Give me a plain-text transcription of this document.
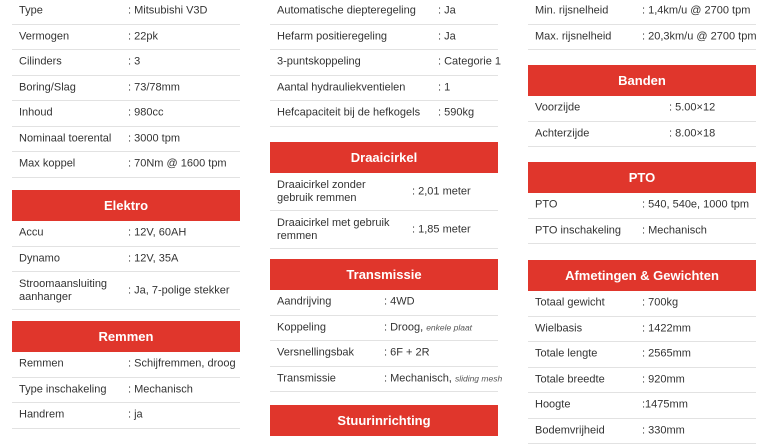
Type	: Mitsubishi V3D
Vermogen	: 22pk
Cilinders	: 3
Boring/Slag	: 73/78mm
Inhoud	: 980cc
Nominaal toerental : 3000 tpm
Max koppel	: 70Nm @ 1600 tpm
Elektro
Accu	: 12V, 60AH
Dynamo	: 12V, 35A
Stroomaansluiting aanhanger
: Ja, 7-polige stekker
Remmen
Remmen	: Schijfremmen, droog
Type inschakeling : Mechanisch
Handrem	: ja
Automatische diepteregeling : Ja
Hefarm positieregeling	: Ja
3-puntskoppeling	: Categorie 1
Aantal hydrauliekventielen	: 1
Hefcapaciteit bij de hefkogels : 590kg
Draaicirkel
Draaicirkel zonder gebruik remmen
: 2,01 meter
Draaicirkel met gebruik remmen
: 1,85 meter
Transmissie
Aandrijving	: 4WD
Koppeling	: Droog, enkele plaat
Versnellingsbak	: 6F + 2R
Transmissie	: Mechanisch, sliding mesh
Stuurinrichting
Min. rijsnelheid	: 1,4km/u @ 2700 tpm
Max. rijsnelheid	: 20,3km/u @ 2700 tpm
Banden
Voorzijde	: 5.00×12
Achterzijde	: 8.00×18
PTO
PTO	: 540, 540e, 1000 tpm
PTO inschakeling : Mechanisch
Afmetingen & Gewichten
Totaal gewicht	: 700kg
Wielbasis	: 1422mm
Totale lengte	: 2565mm
Totale breedte	: 920mm
Hoogte	:1475mm
Bodemvrijheid	: 330mm
